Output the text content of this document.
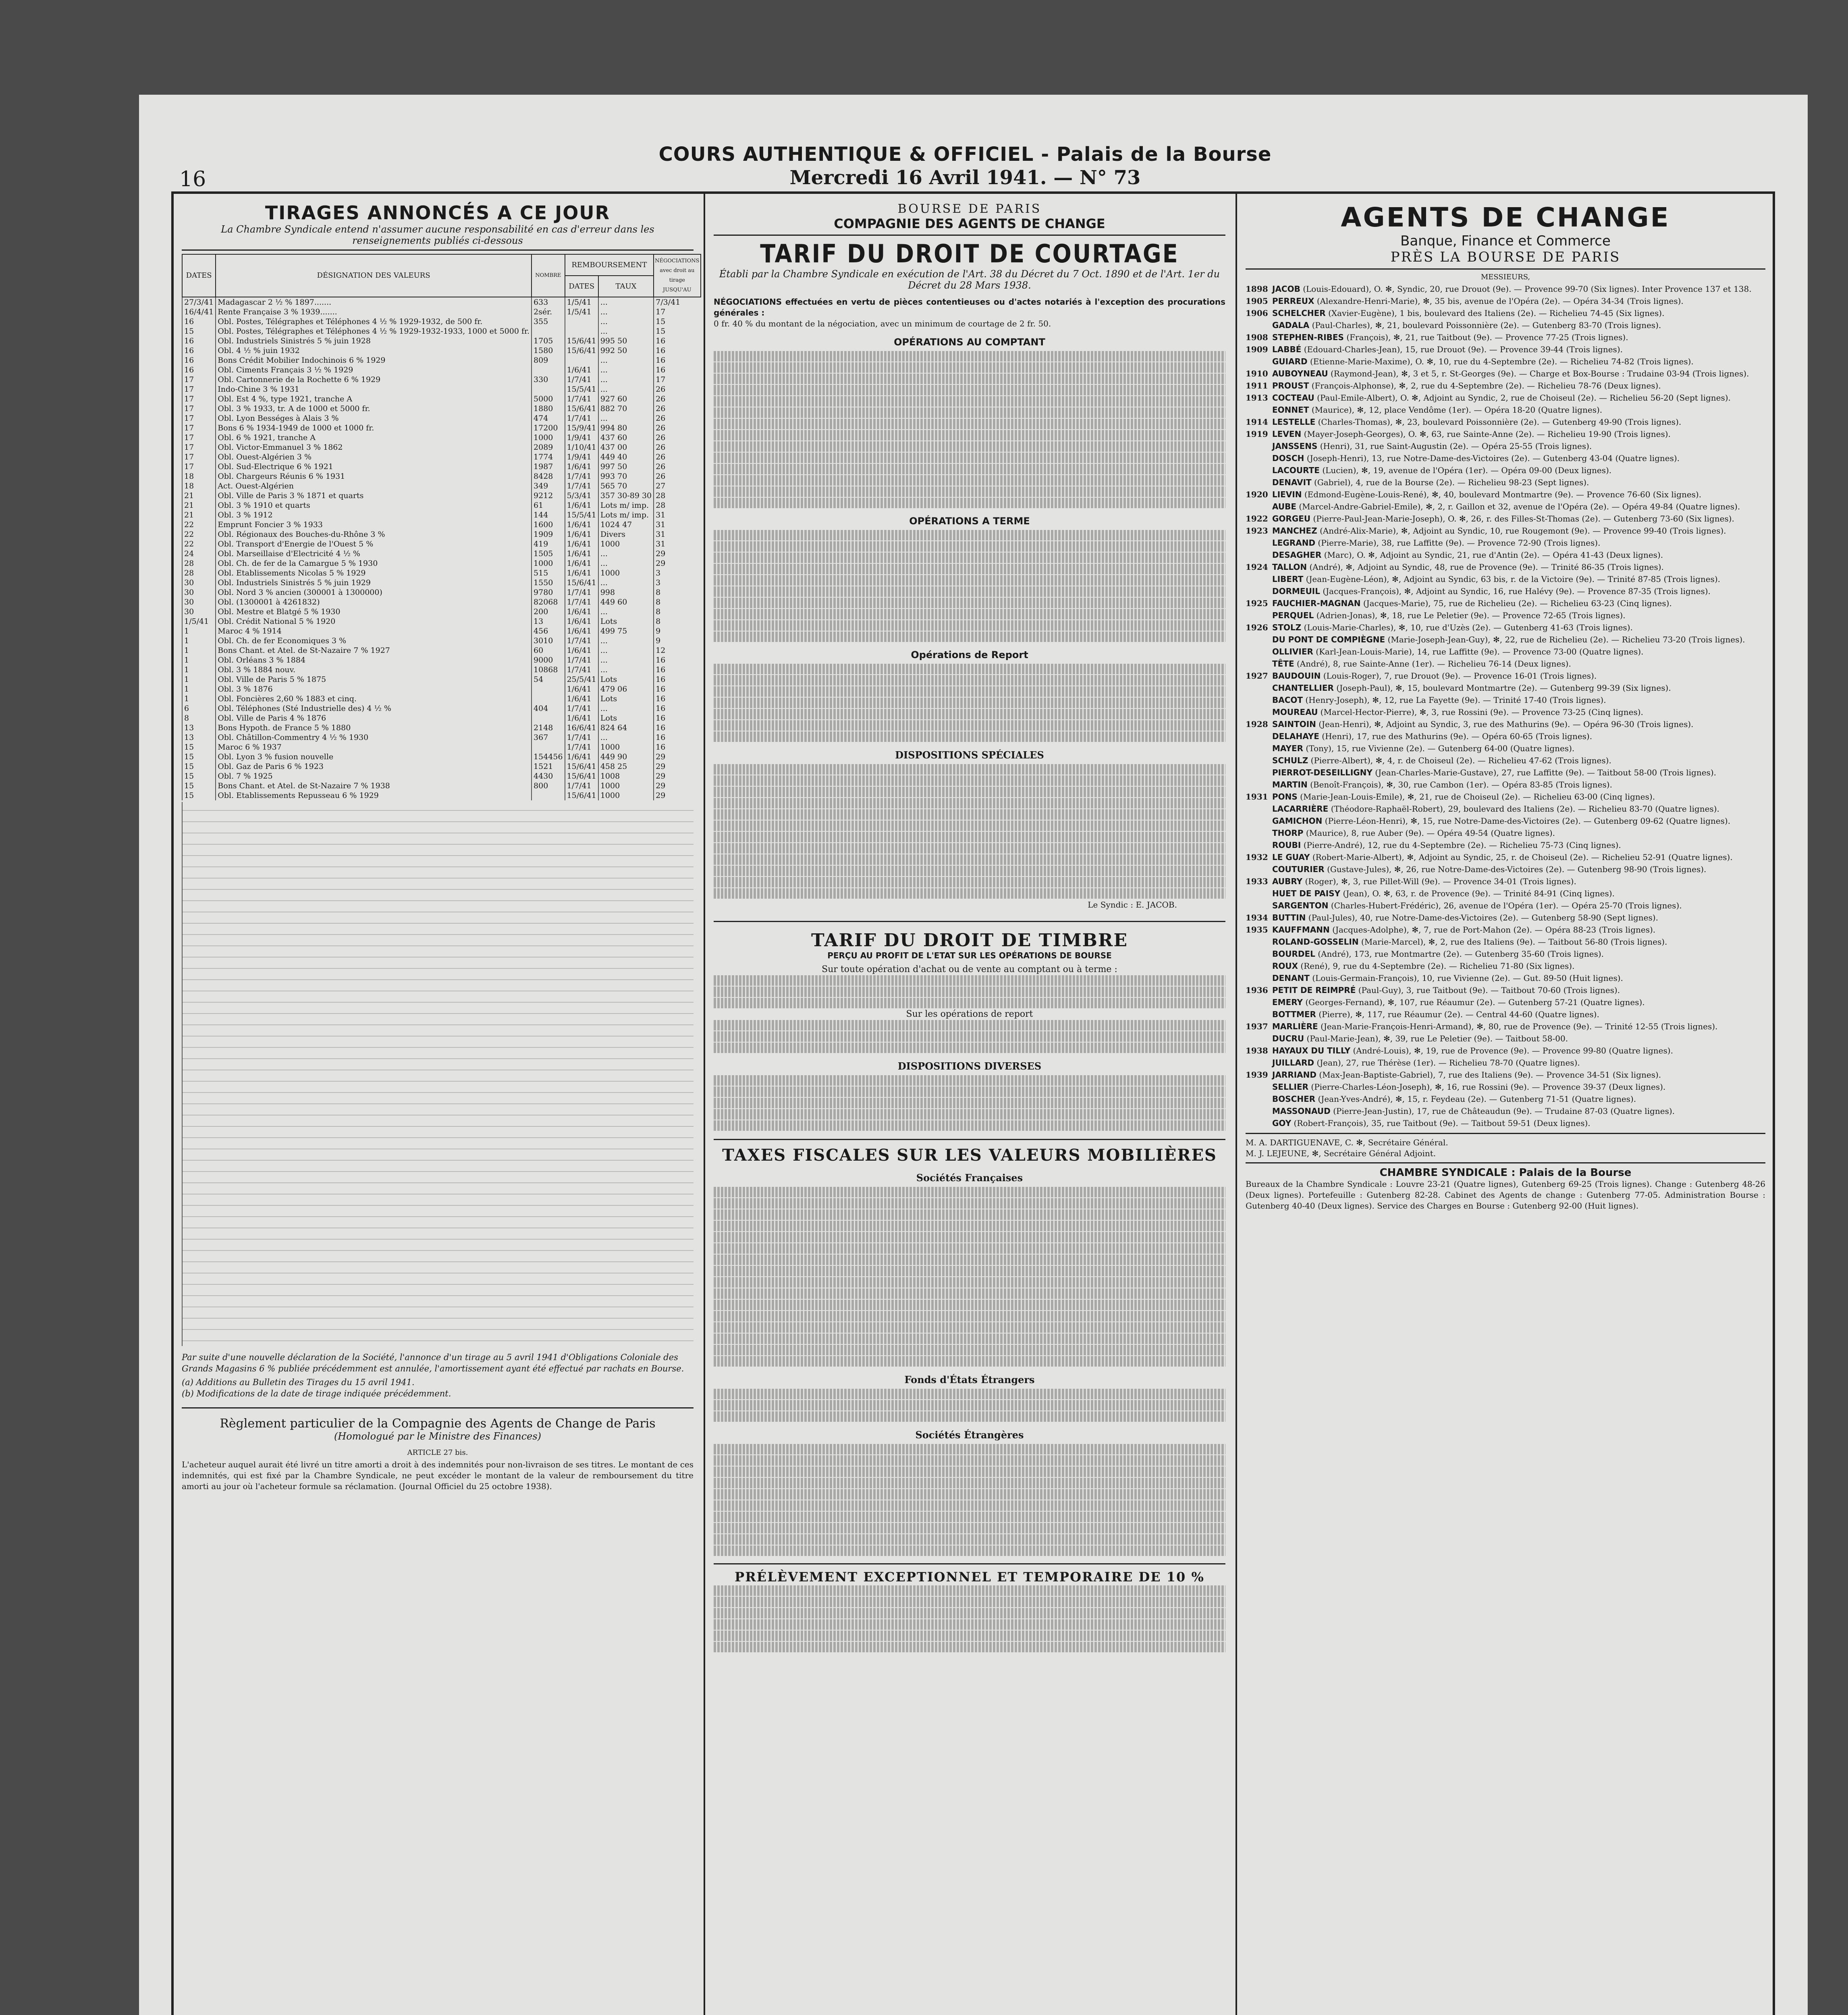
16
COURS AUTHENTIQUE & OFFICIEL - Palais de la Bourse
Mercredi 16 Avril 1941. — N° 73
TIRAGES ANNONCÉS A CE JOUR
La Chambre Syndicale entend n'assumer aucune responsabilité en cas d'erreur dans les renseignements publiés ci-dessous
DATES	DÉSIGNATION DES VALEURS	NOMBRE	REMBOURSEMENT		NÉGOCIATIONS avec droit au tirage JUSQU'AU
			DATES	TAUX	
27/3/41	Madagascar 2 ½ % 1897.......	633	1/5/41	...	7/3/41
16/4/41	Rente Française 3 % 1939.......	2sér.	1/5/41	...	17
16	Obl. Postes, Télégraphes et Téléphones 4 ½ % 1929-1932, de 500 fr.	355		...	15
15	Obl. Postes, Télégraphes et Téléphones 4 ½ % 1929-1932-1933, 1000 et 5000 fr.			...	15
16	Obl. Industriels Sinistrés 5 % juin 1928	1705	15/6/41	995 50	16
16	Obl. 4 ½ % juin 1932	1580	15/6/41	992 50	16
16	Bons Crédit Mobilier Indochinois 6 % 1929	809		...	16
16	Obl. Ciments Français 3 ½ % 1929		1/6/41	...	16
17	Obl. Cartonnerie de la Rochette 6 % 1929	330	1/7/41	...	17
17	Indo-Chine 3 % 1931		15/5/41	...	26
17	Obl. Est 4 %, type 1921, tranche A	5000	1/7/41	927 60	26
17	Obl. 3 % 1933, tr. A de 1000 et 5000 fr.	1880	15/6/41	882 70	26
17	Obl. Lyon Bességes à Alais 3 %	474	1/7/41	...	26
17	Bons 6 % 1934-1949 de 1000 et 1000 fr.	17200	15/9/41	994 80	26
17	Obl. 6 % 1921, tranche A	1000	1/9/41	437 60	26
17	Obl. Victor-Emmanuel 3 % 1862	2089	1/10/41	437 00	26
17	Obl. Ouest-Algérien 3 %	1774	1/9/41	449 40	26
17	Obl. Sud-Electrique 6 % 1921	1987	1/6/41	997 50	26
18	Obl. Chargeurs Réunis 6 % 1931	8428	1/7/41	993 70	26
18	Act. Ouest-Algérien	349	1/7/41	565 70	27
21	Obl. Ville de Paris 3 % 1871 et quarts	9212	5/3/41	357 30-89 30	28
21	Obl. 3 % 1910 et quarts	61	1/6/41	Lots m/ imp.	28
21	Obl. 3 % 1912	144	15/5/41	Lots m/ imp.	31
22	Emprunt Foncier 3 % 1933	1600	1/6/41	1024 47	31
22	Obl. Régionaux des Bouches-du-Rhône 3 %	1909	1/6/41	Divers	31
22	Obl. Transport d'Energie de l'Ouest 5 %	419	1/6/41	1000	31
24	Obl. Marseillaise d'Electricité 4 ½ %	1505	1/6/41	...	29
28	Obl. Ch. de fer de la Camargue 5 % 1930	1000	1/6/41	...	29
28	Obl. Etablissements Nicolas 5 % 1929	515	1/6/41	1000	3
30	Obl. Industriels Sinistrés 5 % juin 1929	1550	15/6/41	...	3
30	Obl. Nord 3 % ancien (300001 à 1300000)	9780	1/7/41	998	8
30	Obl. (1300001 à 4261832)	82068	1/7/41	449 60	8
30	Obl. Mestre et Blatgé 5 % 1930	200	1/6/41	...	8
1/5/41	Obl. Crédit National 5 % 1920	13	1/6/41	Lots	8
1	Maroc 4 % 1914	456	1/6/41	499 75	9
1	Obl. Ch. de fer Economiques 3 %	3010	1/7/41	...	9
1	Bons Chant. et Atel. de St-Nazaire 7 % 1927	60	1/6/41	...	12
1	Obl. Orléans 3 % 1884	9000	1/7/41	...	16
1	Obl. 3 % 1884 nouv.	10868	1/7/41	...	16
1	Obl. Ville de Paris 5 % 1875	54	25/5/41	Lots	16
1	Obl. 3 % 1876		1/6/41	479 06	16
1	Obl. Foncières 2,60 % 1883 et cinq.		1/6/41	Lots	16
6	Obl. Téléphones (Sté Industrielle des) 4 ½ %	404	1/7/41	...	16
8	Obl. Ville de Paris 4 % 1876		1/6/41	Lots	16
13	Bons Hypoth. de France 5 % 1880	2148	16/6/41	824 64	16
13	Obl. Châtillon-Commentry 4 ½ % 1930	367	1/7/41	...	16
15	Maroc 6 % 1937		1/7/41	1000	16
15	Obl. Lyon 3 % fusion nouvelle	154456	1/6/41	449 90	29
15	Obl. Gaz de Paris 6 % 1923	1521	15/6/41	458 25	29
15	Obl. 7 % 1925	4430	15/6/41	1008	29
15	Bons Chant. et Atel. de St-Nazaire 7 % 1938	800	1/7/41	1000	29
15	Obl. Etablissements Repusseau 6 % 1929		15/6/41	1000	29
Par suite d'une nouvelle déclaration de la Société, l'annonce d'un tirage au 5 avril 1941 d'Obligations Coloniale des Grands Magasins 6 % publiée précédemment est annulée, l'amortissement ayant été effectué par rachats en Bourse.
(a) Additions au Bulletin des Tirages du 15 avril 1941.
(b) Modifications de la date de tirage indiquée précédemment.
Règlement particulier de la Compagnie des Agents de Change de Paris
(Homologué par le Ministre des Finances)
ARTICLE 27 bis.
L'acheteur auquel aurait été livré un titre amorti a droit à des indemnités pour non-livraison de ses titres. Le montant de ces indemnités, qui est fixé par la Chambre Syndicale, ne peut excéder le montant de la valeur de remboursement du titre amorti au jour où l'acheteur formule sa réclamation. (Journal Officiel du 25 octobre 1938).
BOURSE DE PARIS
COMPAGNIE DES AGENTS DE CHANGE
TARIF DU DROIT DE COURTAGE
Établi par la Chambre Syndicale en exécution de l'Art. 38 du Décret du 7 Oct. 1890 et de l'Art. 1er du Décret du 28 Mars 1938.
NÉGOCIATIONS effectuées en vertu de pièces contentieuses ou d'actes notariés à l'exception des procurations générales :
0 fr. 40 % du montant de la négociation, avec un minimum de courtage de 2 fr. 50.
OPÉRATIONS AU COMPTANT
OPÉRATIONS A TERME
Opérations de Report
DISPOSITIONS SPÉCIALES
Le Syndic : E. JACOB.
TARIF DU DROIT DE TIMBRE
PERÇU AU PROFIT DE L'ETAT SUR LES OPÉRATIONS DE BOURSE
Sur toute opération d'achat ou de vente au comptant ou à terme :
Sur les opérations de report
DISPOSITIONS DIVERSES
TAXES FISCALES SUR LES VALEURS MOBILIÈRES
Sociétés Françaises
Fonds d'États Étrangers
Sociétés Étrangères
PRÉLÈVEMENT EXCEPTIONNEL ET TEMPORAIRE DE 10 %
AGENTS DE CHANGE
Banque, Finance et Commerce
PRÈS LA BOURSE DE PARIS
MESSIEURS,
1898 JACOB (Louis-Edouard), O. ✻, Syndic, 20, rue Drouot (9e). — Provence 99-70 (Six lignes). Inter Provence 137 et 138.
1905 PERREUX (Alexandre-Henri-Marie), ✻, 35 bis, avenue de l'Opéra (2e). — Opéra 34-34 (Trois lignes).
1906 SCHELCHER (Xavier-Eugène), 1 bis, boulevard des Italiens (2e). — Richelieu 74-45 (Six lignes).
GADALA (Paul-Charles), ✻, 21, boulevard Poissonnière (2e). — Gutenberg 83-70 (Trois lignes).
1908 STEPHEN-RIBES (François), ✻, 21, rue Taitbout (9e). — Provence 77-25 (Trois lignes).
1909 LABBÉ (Edouard-Charles-Jean), 15, rue Drouot (9e). — Provence 39-44 (Trois lignes).
GUIARD (Etienne-Marie-Maxime), O. ✻, 10, rue du 4-Septembre (2e). — Richelieu 74-82 (Trois lignes).
1910 AUBOYNEAU (Raymond-Jean), ✻, 3 et 5, r. St-Georges (9e). — Charge et Box-Bourse : Trudaine 03-94 (Trois lignes).
1911 PROUST (François-Alphonse), ✻, 2, rue du 4-Septembre (2e). — Richelieu 78-76 (Deux lignes).
1913 COCTEAU (Paul-Emile-Albert), O. ✻, Adjoint au Syndic, 2, rue de Choiseul (2e). — Richelieu 56-20 (Sept lignes).
EONNET (Maurice), ✻, 12, place Vendôme (1er). — Opéra 18-20 (Quatre lignes).
1914 LESTELLE (Charles-Thomas), ✻, 23, boulevard Poissonnière (2e). — Gutenberg 49-90 (Trois lignes).
1919 LEVEN (Mayer-Joseph-Georges), O. ✻, 63, rue Sainte-Anne (2e). — Richelieu 19-90 (Trois lignes).
JANSSENS (Henri), 31, rue Saint-Augustin (2e). — Opéra 25-55 (Trois lignes).
DOSCH (Joseph-Henri), 13, rue Notre-Dame-des-Victoires (2e). — Gutenberg 43-04 (Quatre lignes).
LACOURTE (Lucien), ✻, 19, avenue de l'Opéra (1er). — Opéra 09-00 (Deux lignes).
DENAVIT (Gabriel), 4, rue de la Bourse (2e). — Richelieu 98-23 (Sept lignes).
1920 LIEVIN (Edmond-Eugène-Louis-René), ✻, 40, boulevard Montmartre (9e). — Provence 76-60 (Six lignes).
AUBE (Marcel-Andre-Gabriel-Emile), ✻, 2, r. Gaillon et 32, avenue de l'Opéra (2e). — Opéra 49-84 (Quatre lignes).
1922 GORGEU (Pierre-Paul-Jean-Marie-Joseph), O. ✻, 26, r. des Filles-St-Thomas (2e). — Gutenberg 73-60 (Six lignes).
1923 MANCHEZ (André-Alix-Marie), ✻, Adjoint au Syndic, 10, rue Rougemont (9e). — Provence 99-40 (Trois lignes).
LEGRAND (Pierre-Marie), 38, rue Laffitte (9e). — Provence 72-90 (Trois lignes).
DESAGHER (Marc), O. ✻, Adjoint au Syndic, 21, rue d'Antin (2e). — Opéra 41-43 (Deux lignes).
1924 TALLON (André), ✻, Adjoint au Syndic, 48, rue de Provence (9e). — Trinité 86-35 (Trois lignes).
LIBERT (Jean-Eugène-Léon), ✻, Adjoint au Syndic, 63 bis, r. de la Victoire (9e). — Trinité 87-85 (Trois lignes).
DORMEUIL (Jacques-François), ✻, Adjoint au Syndic, 16, rue Halévy (9e). — Provence 87-35 (Trois lignes).
1925 FAUCHIER-MAGNAN (Jacques-Marie), 75, rue de Richelieu (2e). — Richelieu 63-23 (Cinq lignes).
PERQUEL (Adrien-Jonas), ✻, 18, rue Le Peletier (9e). — Provence 72-65 (Trois lignes).
1926 STOLZ (Louis-Marie-Charles), ✻, 10, rue d'Uzès (2e). — Gutenberg 41-63 (Trois lignes).
DU PONT DE COMPIÈGNE (Marie-Joseph-Jean-Guy), ✻, 22, rue de Richelieu (2e). — Richelieu 73-20 (Trois lignes).
OLLIVIER (Karl-Jean-Louis-Marie), 14, rue Laffitte (9e). — Provence 73-00 (Quatre lignes).
TÊTE (André), 8, rue Sainte-Anne (1er). — Richelieu 76-14 (Deux lignes).
1927 BAUDOUIN (Louis-Roger), 7, rue Drouot (9e). — Provence 16-01 (Trois lignes).
CHANTELLIER (Joseph-Paul), ✻, 15, boulevard Montmartre (2e). — Gutenberg 99-39 (Six lignes).
BACOT (Henry-Joseph), ✻, 12, rue La Fayette (9e). — Trinité 17-40 (Trois lignes).
MOUREAU (Marcel-Hector-Pierre), ✻, 3, rue Rossini (9e). — Provence 73-25 (Cinq lignes).
1928 SAINTOIN (Jean-Henri), ✻, Adjoint au Syndic, 3, rue des Mathurins (9e). — Opéra 96-30 (Trois lignes).
DELAHAYE (Henri), 17, rue des Mathurins (9e). — Opéra 60-65 (Trois lignes).
MAYER (Tony), 15, rue Vivienne (2e). — Gutenberg 64-00 (Quatre lignes).
SCHULZ (Pierre-Albert), ✻, 4, r. de Choiseul (2e). — Richelieu 47-62 (Trois lignes).
PIERROT-DESEILLIGNY (Jean-Charles-Marie-Gustave), 27, rue Laffitte (9e). — Taitbout 58-00 (Trois lignes).
MARTIN (Benoît-François), ✻, 30, rue Cambon (1er). — Opéra 83-85 (Trois lignes).
1931 PONS (Marie-Jean-Louis-Emile), ✻, 21, rue de Choiseul (2e). — Richelieu 63-00 (Cinq lignes).
LACARRIÈRE (Théodore-Raphaël-Robert), 29, boulevard des Italiens (2e). — Richelieu 83-70 (Quatre lignes).
GAMICHON (Pierre-Léon-Henri), ✻, 15, rue Notre-Dame-des-Victoires (2e). — Gutenberg 09-62 (Quatre lignes).
THORP (Maurice), 8, rue Auber (9e). — Opéra 49-54 (Quatre lignes).
ROUBI (Pierre-André), 12, rue du 4-Septembre (2e). — Richelieu 75-73 (Cinq lignes).
1932 LE GUAY (Robert-Marie-Albert), ✻, Adjoint au Syndic, 25, r. de Choiseul (2e). — Richelieu 52-91 (Quatre lignes).
COUTURIER (Gustave-Jules), ✻, 26, rue Notre-Dame-des-Victoires (2e). — Gutenberg 98-90 (Trois lignes).
1933 AUBRY (Roger), ✻, 3, rue Pillet-Will (9e). — Provence 34-01 (Trois lignes).
HUET DE PAISY (Jean), O. ✻, 63, r. de Provence (9e). — Trinité 84-91 (Cinq lignes).
SARGENTON (Charles-Hubert-Frédéric), 26, avenue de l'Opéra (1er). — Opéra 25-70 (Trois lignes).
1934 BUTTIN (Paul-Jules), 40, rue Notre-Dame-des-Victoires (2e). — Gutenberg 58-90 (Sept lignes).
1935 KAUFFMANN (Jacques-Adolphe), ✻, 7, rue de Port-Mahon (2e). — Opéra 88-23 (Trois lignes).
ROLAND-GOSSELIN (Marie-Marcel), ✻, 2, rue des Italiens (9e). — Taitbout 56-80 (Trois lignes).
BOURDEL (André), 173, rue Montmartre (2e). — Gutenberg 35-60 (Trois lignes).
ROUX (René), 9, rue du 4-Septembre (2e). — Richelieu 71-80 (Six lignes).
DENANT (Louis-Germain-François), 10, rue Vivienne (2e). — Gut. 89-50 (Huit lignes).
1936 PETIT DE REIMPRÉ (Paul-Guy), 3, rue Taitbout (9e). — Taitbout 70-60 (Trois lignes).
EMERY (Georges-Fernand), ✻, 107, rue Réaumur (2e). — Gutenberg 57-21 (Quatre lignes).
BOTTMER (Pierre), ✻, 117, rue Réaumur (2e). — Central 44-60 (Quatre lignes).
1937 MARLIÈRE (Jean-Marie-François-Henri-Armand), ✻, 80, rue de Provence (9e). — Trinité 12-55 (Trois lignes).
DUCRU (Paul-Marie-Jean), ✻, 39, rue Le Peletier (9e). — Taitbout 58-00.
1938 HAYAUX DU TILLY (André-Louis), ✻, 19, rue de Provence (9e). — Provence 99-80 (Quatre lignes).
JUILLARD (Jean), 27, rue Thérèse (1er). — Richelieu 78-70 (Quatre lignes).
1939 JARRIAND (Max-Jean-Baptiste-Gabriel), 7, rue des Italiens (9e). — Provence 34-51 (Six lignes).
SELLIER (Pierre-Charles-Léon-Joseph), ✻, 16, rue Rossini (9e). — Provence 39-37 (Deux lignes).
BOSCHER (Jean-Yves-André), ✻, 15, r. Feydeau (2e). — Gutenberg 71-51 (Quatre lignes).
MASSONAUD (Pierre-Jean-Justin), 17, rue de Châteaudun (9e). — Trudaine 87-03 (Quatre lignes).
GOY (Robert-François), 35, rue Taitbout (9e). — Taitbout 59-51 (Deux lignes).
M. A. DARTIGUENAVE, C. ✻, Secrétaire Général.
M. J. LEJEUNE, ✻, Secrétaire Général Adjoint.
CHAMBRE SYNDICALE : Palais de la Bourse
Bureaux de la Chambre Syndicale : Louvre 23-21 (Quatre lignes), Gutenberg 69-25 (Trois lignes). Change : Gutenberg 48-26 (Deux lignes). Portefeuille : Gutenberg 82-28. Cabinet des Agents de change : Gutenberg 77-05. Administration Bourse : Gutenberg 40-40 (Deux lignes). Service des Charges en Bourse : Gutenberg 92-00 (Huit lignes).
